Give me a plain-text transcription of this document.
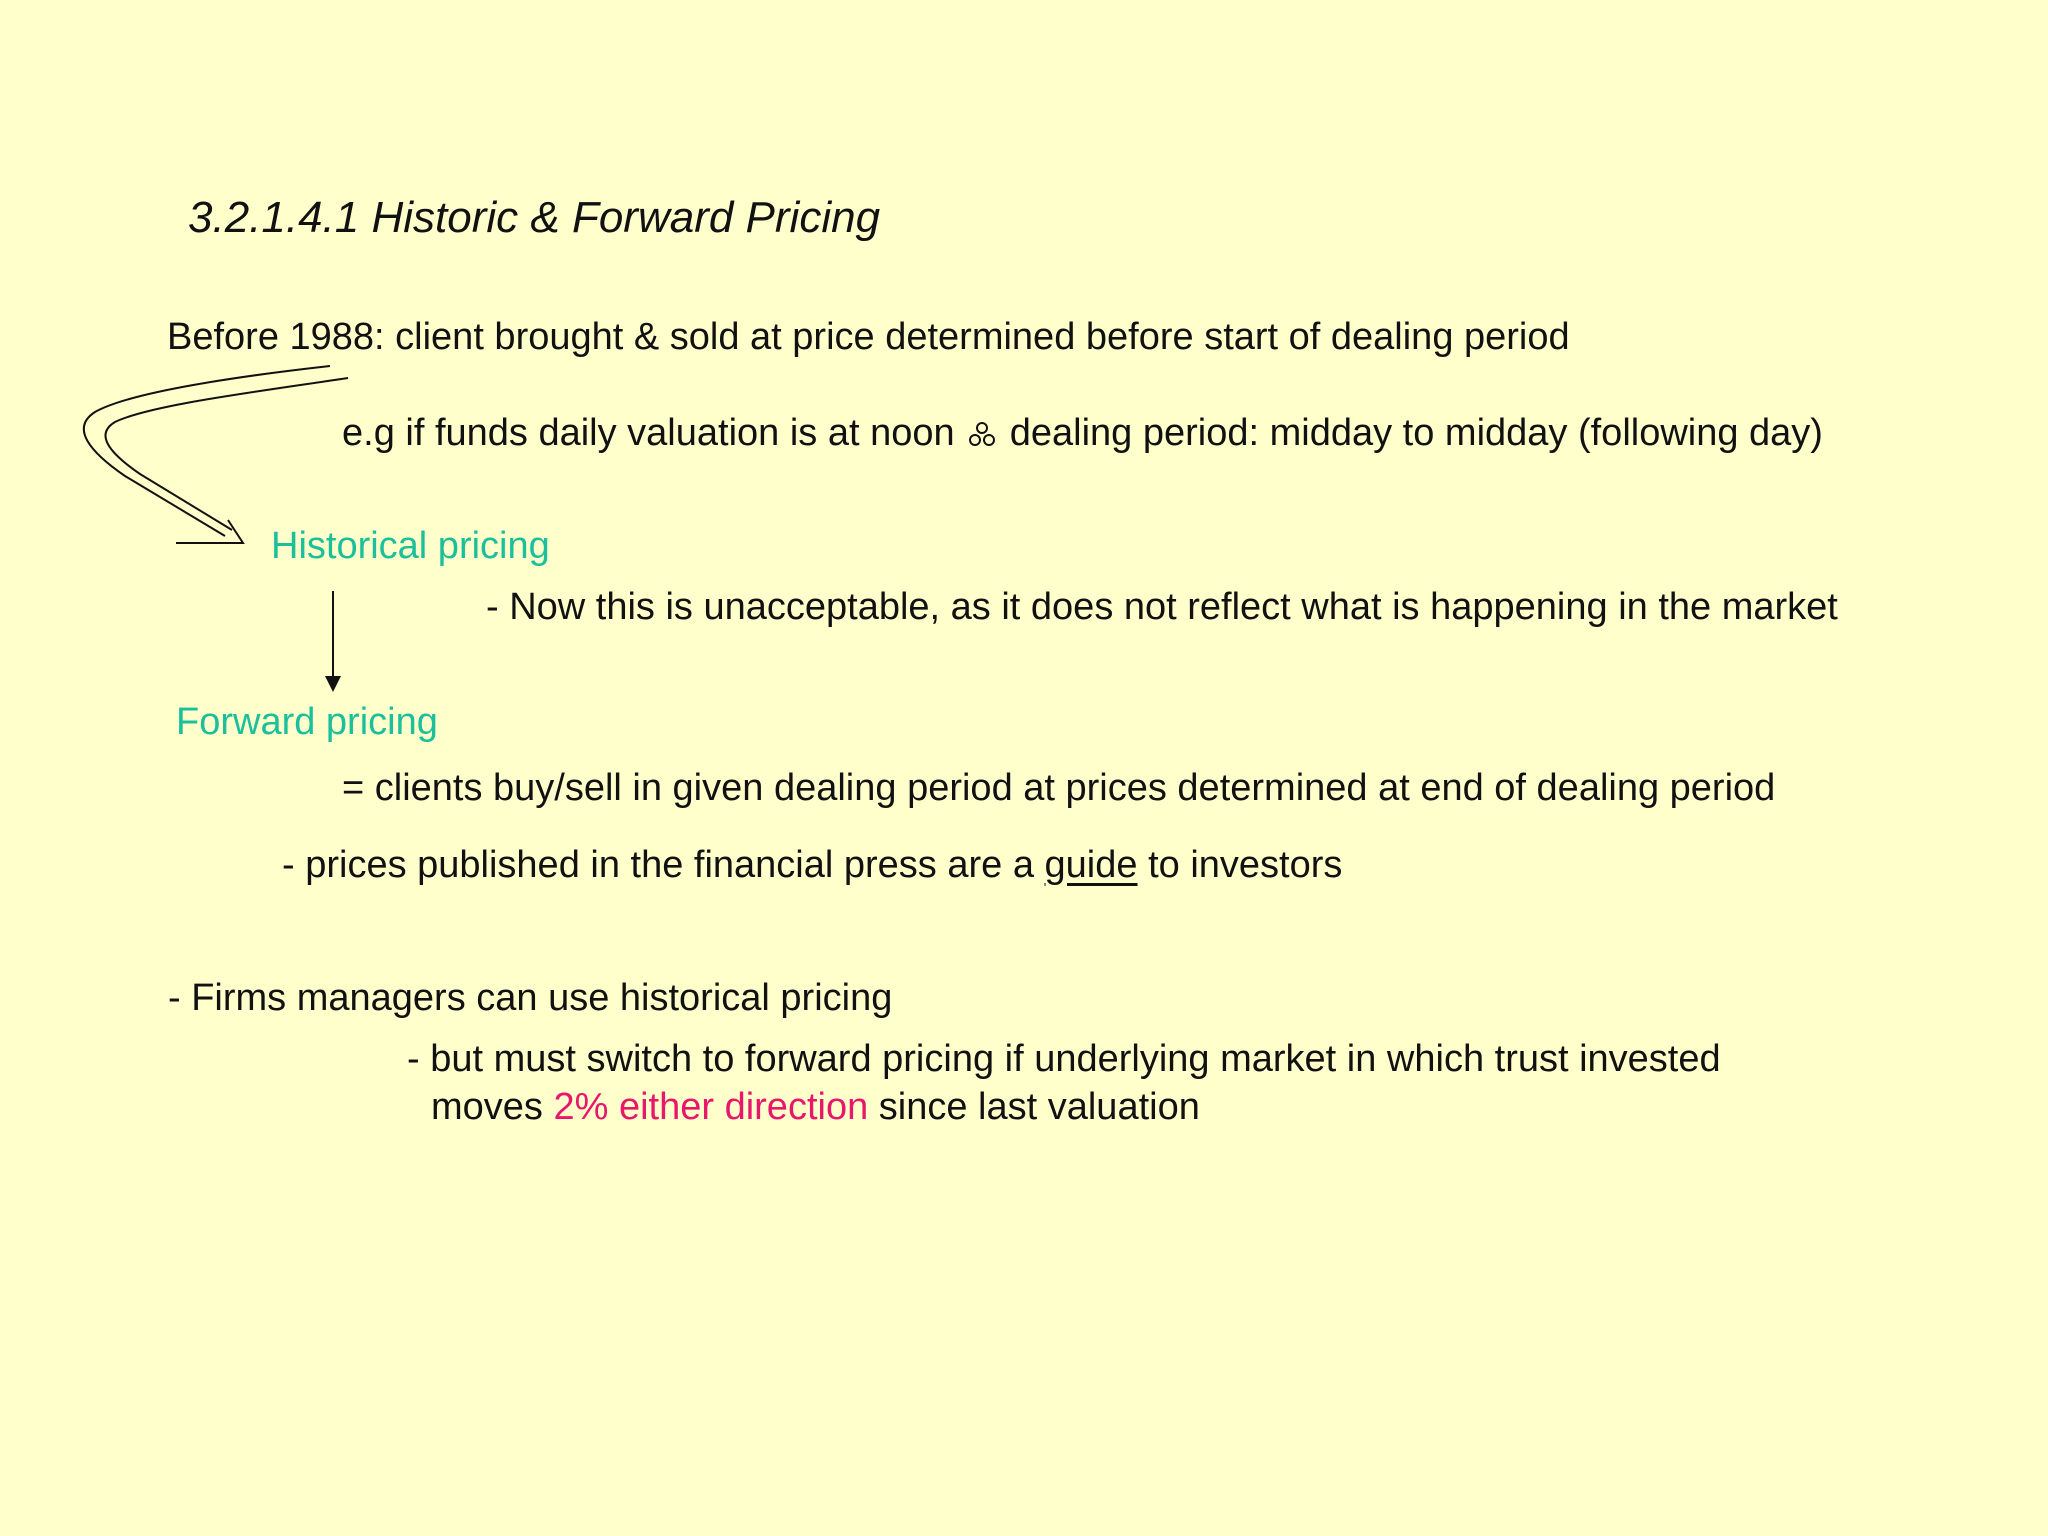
3.2.1.4.1 Historic & Forward Pricing
Before 1988: client brought & sold at price determined before start of dealing period
e.g if funds daily valuation is at noon dealing period: midday to midday (following day)
Historical pricing
- Now this is unacceptable, as it does not reflect what is happening in the market
Forward pricing
= clients buy/sell in given dealing period at prices determined at end of dealing period
- prices published in the financial press are a guide to investors
- Firms managers can use historical pricing
- but must switch to forward pricing if underlying market in which trust invested
moves 2% either direction since last valuation
